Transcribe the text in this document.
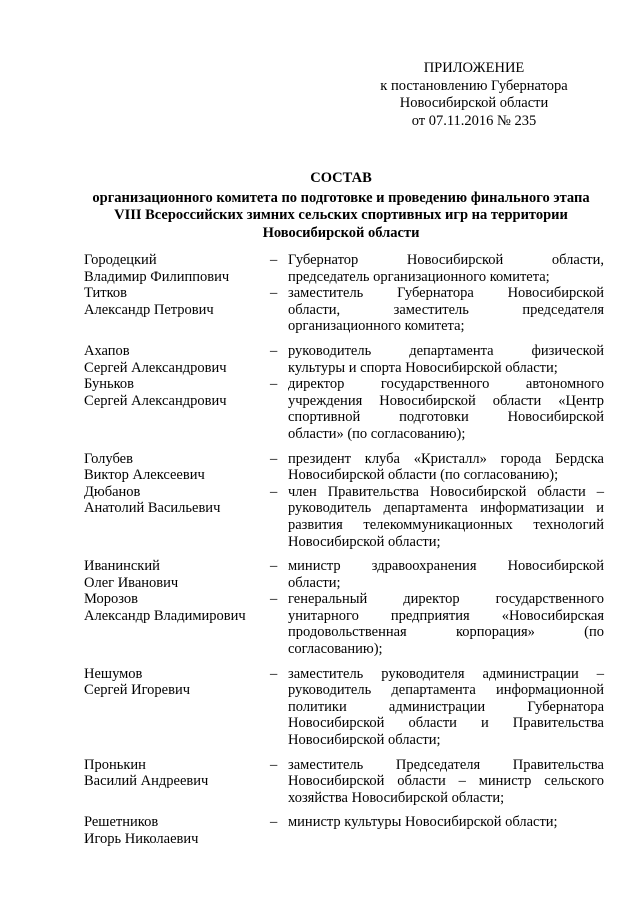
ПРИЛОЖЕНИЕ
к постановлению Губернатора
Новосибирской области
от 07.11.2016 № 235
СОСТАВ
организационного комитета по подготовке и проведению финального этапа
VIII Всероссийских зимних сельских спортивных игр на территории
Новосибирской области
Городецкий
Владимир Филиппович
– Губернатор Новосибирской области,
председатель организационного комитета;
Титков
Александр Петрович
– заместитель Губернатора Новосибирской
области, заместитель председателя
организационного комитета;
Ахапов
Сергей Александрович
– руководитель департамента физической
культуры и спорта Новосибирской области;
Буньков
Сергей Александрович
– директор государственного автономного
учреждения Новосибирской области «Центр
спортивной подготовки Новосибирской
области» (по согласованию);
Голубев
Виктор Алексеевич
– президент клуба «Кристалл» города Бердска
Новосибирской области (по согласованию);
Дюбанов
Анатолий Васильевич
– член Правительства Новосибирской области –
руководитель департамента информатизации и
развития телекоммуникационных технологий
Новосибирской области;
Иванинский
Олег Иванович
– министр здравоохранения Новосибирской
области;
Морозов
Александр Владимирович
– генеральный директор государственного
унитарного предприятия «Новосибирская
продовольственная корпорация» (по
согласованию);
Нешумов
Сергей Игоревич
– заместитель руководителя администрации –
руководитель департамента информационной
политики администрации Губернатора
Новосибирской области и Правительства
Новосибирской области;
Пронькин
Василий Андреевич
– заместитель Председателя Правительства
Новосибирской области – министр сельского
хозяйства Новосибирской области;
Решетников
Игорь Николаевич
– министр культуры Новосибирской области;
